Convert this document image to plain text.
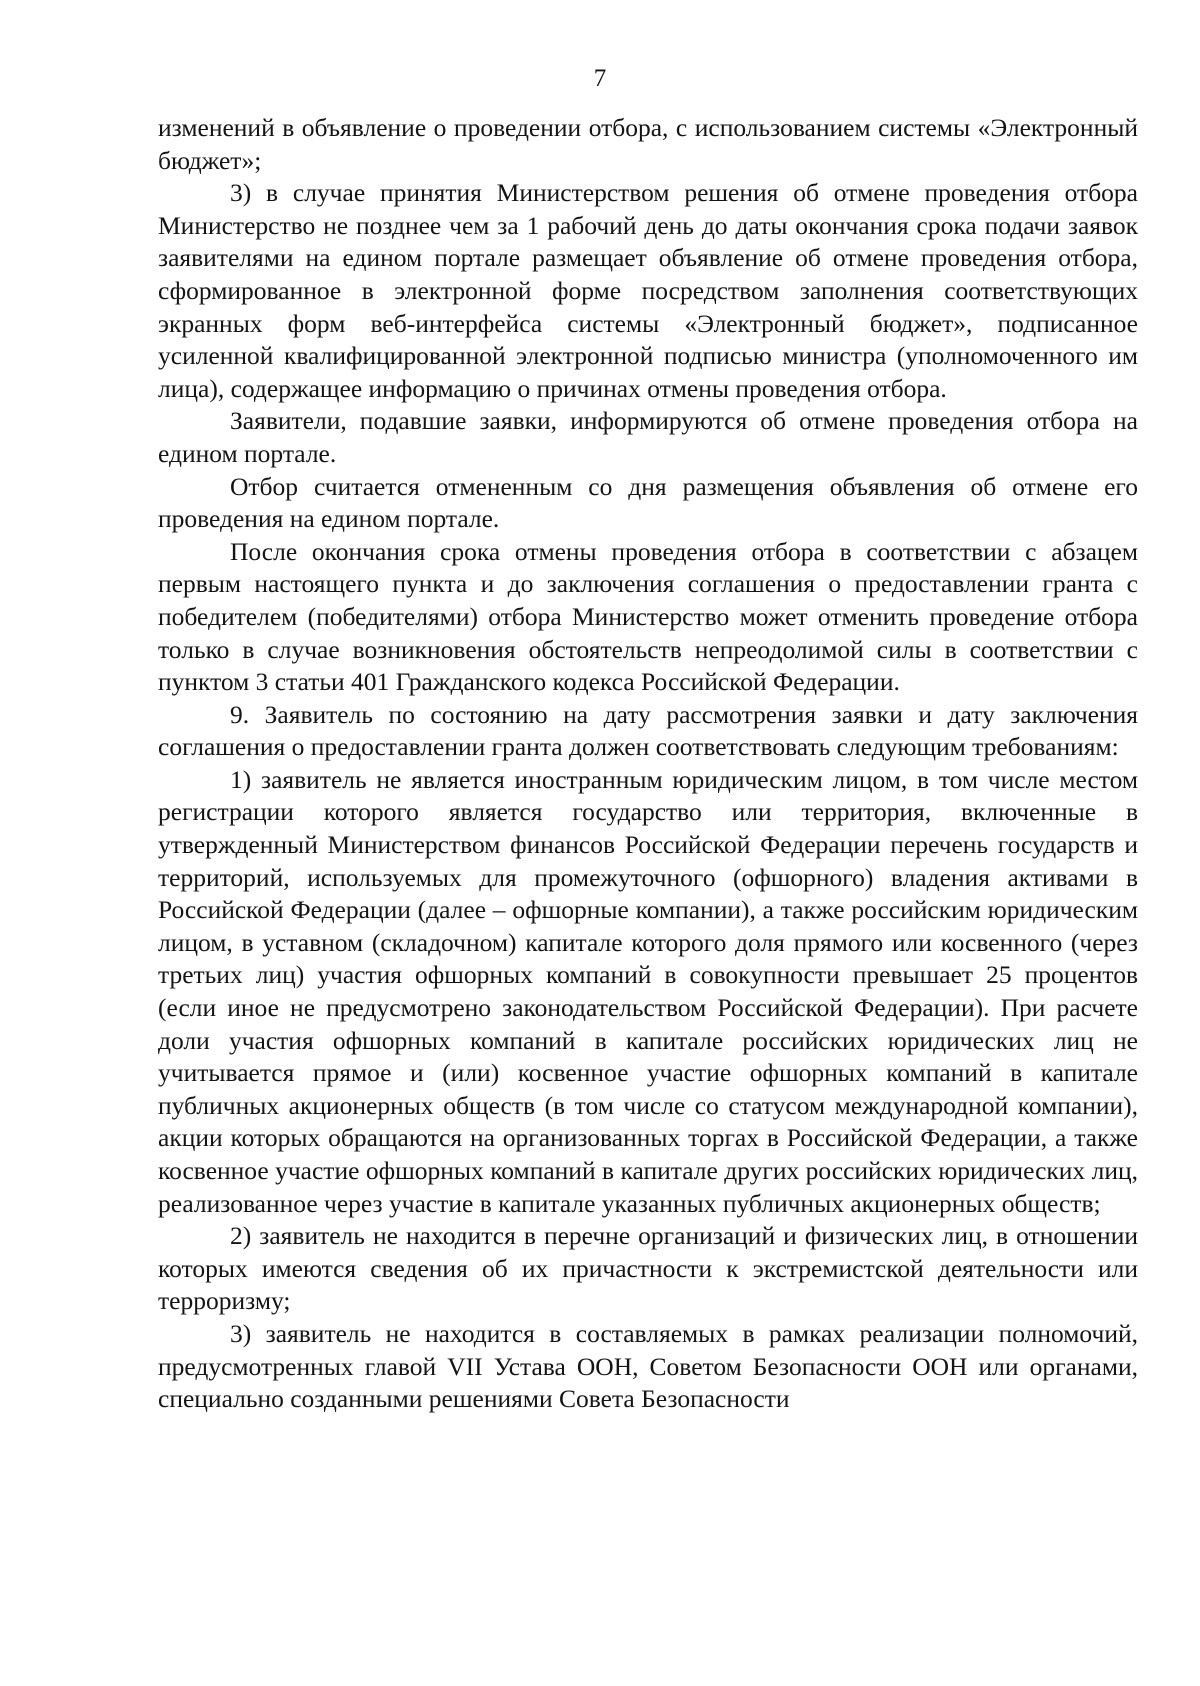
7

изменений в объявление о проведении отбора, с использованием системы «Электронный бюджет»;

3) в случае принятия Министерством решения об отмене проведения отбора Министерство не позднее чем за 1 рабочий день до даты окончания срока подачи заявок заявителями на едином портале размещает объявление об отмене проведения отбора, сформированное в электронной форме посредством заполнения соответствующих экранных форм веб-интерфейса системы «Электронный бюджет», подписанное усиленной квалифицированной электронной подписью министра (уполномоченного им лица), содержащее информацию о причинах отмены проведения отбора.

Заявители, подавшие заявки, информируются об отмене проведения отбора на едином портале.

Отбор считается отмененным со дня размещения объявления об отмене его проведения на едином портале.

После окончания срока отмены проведения отбора в соответствии с абзацем первым настоящего пункта и до заключения соглашения о предоставлении гранта с победителем (победителями) отбора Министерство может отменить проведение отбора только в случае возникновения обстоятельств непреодолимой силы в соответствии с пунктом 3 статьи 401 Гражданского кодекса Российской Федерации.

9. Заявитель по состоянию на дату рассмотрения заявки и дату заключения соглашения о предоставлении гранта должен соответствовать следующим требованиям:

1) заявитель не является иностранным юридическим лицом, в том числе местом регистрации которого является государство или территория, включенные в утвержденный Министерством финансов Российской Федерации перечень государств и территорий, используемых для промежуточного (офшорного) владения активами в Российской Федерации (далее – офшорные компании), а также российским юридическим лицом, в уставном (складочном) капитале которого доля прямого или косвенного (через третьих лиц) участия офшорных компаний в совокупности превышает 25 процентов (если иное не предусмотрено законодательством Российской Федерации). При расчете доли участия офшорных компаний в капитале российских юридических лиц не учитывается прямое и (или) косвенное участие офшорных компаний в капитале публичных акционерных обществ (в том числе со статусом международной компании), акции которых обращаются на организованных торгах в Российской Федерации, а также косвенное участие офшорных компаний в капитале других российских юридических лиц, реализованное через участие в капитале указанных публичных акционерных обществ;

2) заявитель не находится в перечне организаций и физических лиц, в отношении которых имеются сведения об их причастности к экстремистской деятельности или терроризму;

3) заявитель не находится в составляемых в рамках реализации полномочий, предусмотренных главой VII Устава ООН, Советом Безопасности ООН или органами, специально созданными решениями Совета Безопасности
